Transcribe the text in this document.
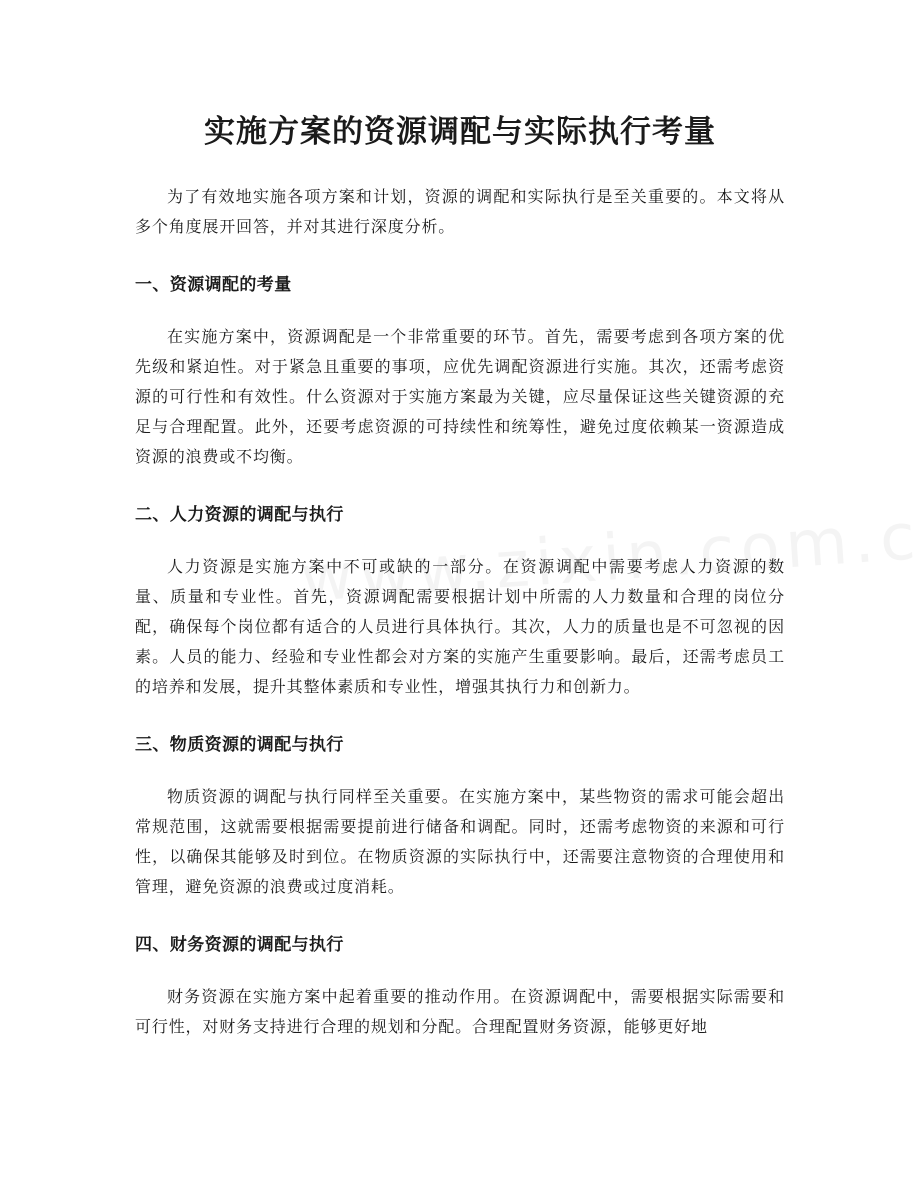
实施方案的资源调配与实际执行考量

为了有效地实施各项方案和计划，资源的调配和实际执行是至关重要的。本文将从多个角度展开回答，并对其进行深度分析。

一、资源调配的考量

在实施方案中，资源调配是一个非常重要的环节。首先，需要考虑到各项方案的优先级和紧迫性。对于紧急且重要的事项，应优先调配资源进行实施。其次，还需考虑资源的可行性和有效性。什么资源对于实施方案最为关键，应尽量保证这些关键资源的充足与合理配置。此外，还要考虑资源的可持续性和统筹性，避免过度依赖某一资源造成资源的浪费或不均衡。

二、人力资源的调配与执行

人力资源是实施方案中不可或缺的一部分。在资源调配中需要考虑人力资源的数量、质量和专业性。首先，资源调配需要根据计划中所需的人力数量和合理的岗位分配，确保每个岗位都有适合的人员进行具体执行。其次，人力的质量也是不可忽视的因素。人员的能力、经验和专业性都会对方案的实施产生重要影响。最后，还需考虑员工的培养和发展，提升其整体素质和专业性，增强其执行力和创新力。

三、物质资源的调配与执行

物质资源的调配与执行同样至关重要。在实施方案中，某些物资的需求可能会超出常规范围，这就需要根据需要提前进行储备和调配。同时，还需考虑物资的来源和可行性，以确保其能够及时到位。在物质资源的实际执行中，还需要注意物资的合理使用和管理，避免资源的浪费或过度消耗。

四、财务资源的调配与执行

财务资源在实施方案中起着重要的推动作用。在资源调配中，需要根据实际需要和可行性，对财务支持进行合理的规划和分配。合理配置财务资源，能够更好地
